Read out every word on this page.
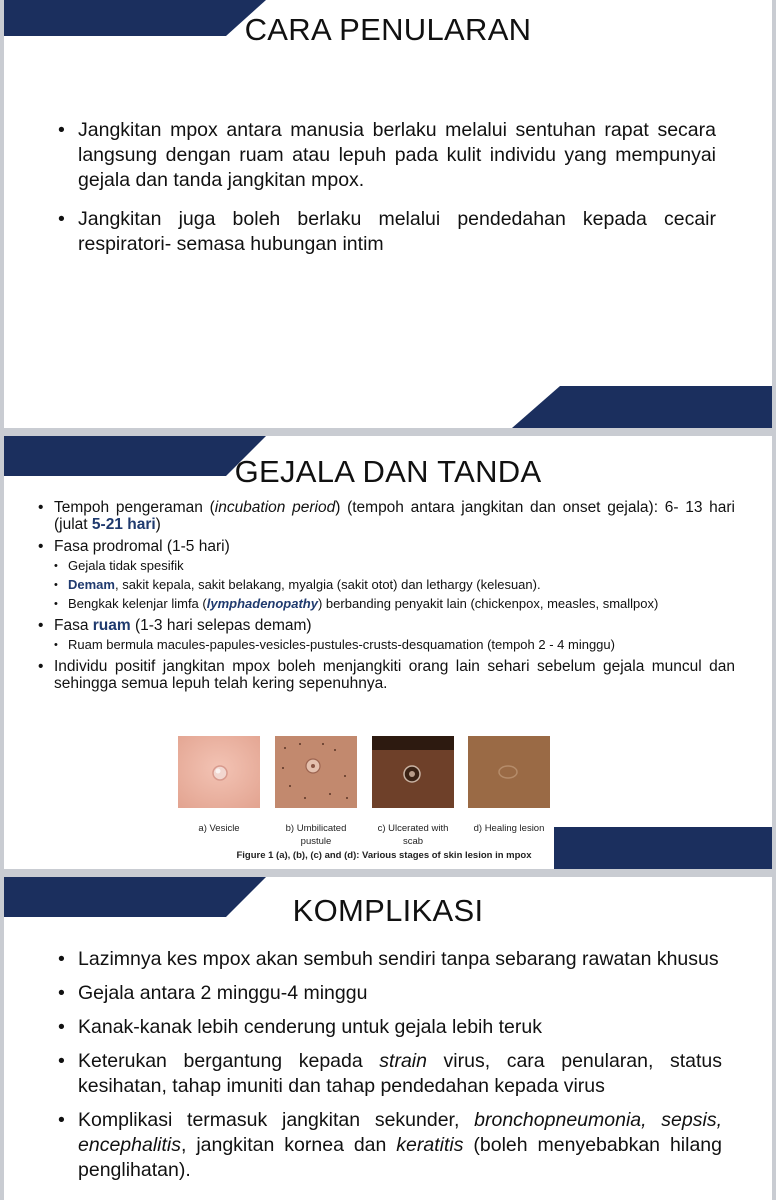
CARA PENULARAN
• Jangkitan mpox antara manusia berlaku melalui sentuhan rapat secara langsung dengan ruam atau lepuh pada kulit individu yang mempunyai gejala dan tanda jangkitan mpox.
• Jangkitan juga boleh berlaku melalui pendedahan kepada cecair respiratori- semasa hubungan intim
GEJALA DAN TANDA
• Tempoh pengeraman (incubation period) (tempoh antara jangkitan dan onset gejala): 6- 13 hari (julat 5-21 hari)
• Fasa prodromal (1-5 hari)
• Gejala tidak spesifik
• Demam, sakit kepala, sakit belakang, myalgia (sakit otot) dan lethargy (kelesuan).
• Bengkak kelenjar limfa (lymphadenopathy) berbanding penyakit lain (chickenpox, measles, smallpox)
• Fasa ruam (1-3 hari selepas demam)
• Ruam bermula macules-papules-vesicles-pustules-crusts-desquamation (tempoh 2 - 4 minggu)
• Individu positif jangkitan mpox boleh menjangkiti orang lain sehari sebelum gejala muncul dan sehingga semua lepuh telah kering sepenuhnya.
a) Vesicle	b) Umbilicated
pustule
c) Ulcerated with
scab
d) Healing lesion
Figure 1 (a), (b), (c) and (d): Various stages of skin lesion in mpox
KOMPLIKASI
• Lazimnya kes mpox akan sembuh sendiri tanpa sebarang rawatan khusus
• Gejala antara 2 minggu-4 minggu
• Kanak-kanak lebih cenderung untuk gejala lebih teruk
• Keterukan bergantung kepada strain virus, cara penularan, status kesihatan, tahap imuniti dan tahap pendedahan kepada virus
• Komplikasi termasuk jangkitan sekunder, bronchopneumonia, sepsis, encephalitis, jangkitan kornea dan keratitis (boleh menyebabkan hilang penglihatan).
